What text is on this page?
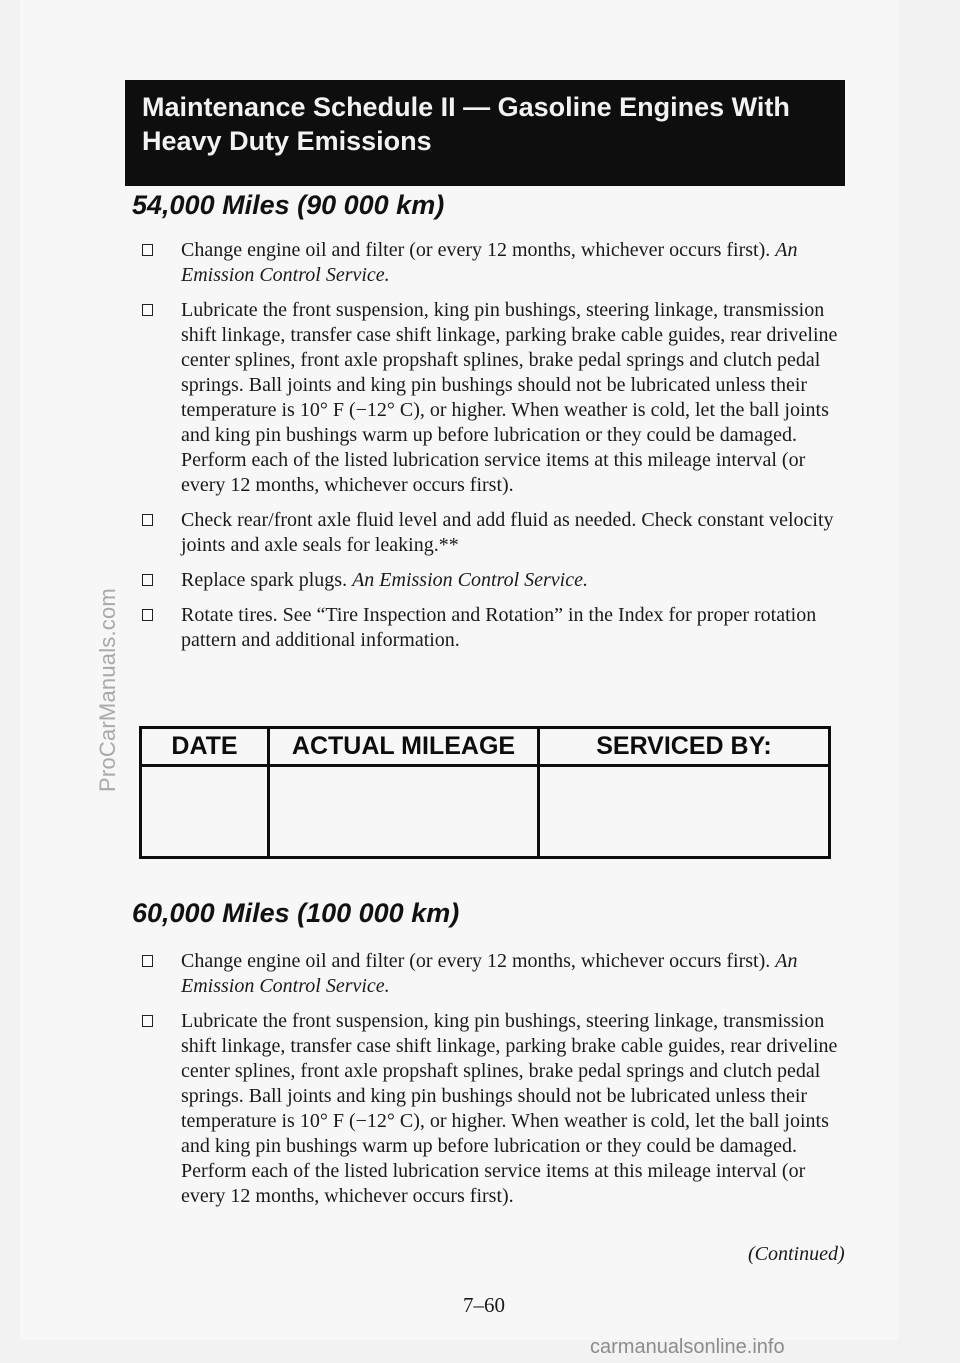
ProCarManuals.com
Maintenance Schedule II — Gasoline Engines With
Heavy Duty Emissions
54,000 Miles (90 000 km)
Change engine oil and filter (or every 12 months, whichever occurs first). An Emission Control Service.
Lubricate the front suspension, king pin bushings, steering linkage, transmission shift linkage, transfer case shift linkage, parking brake cable guides, rear driveline center splines, front axle propshaft splines, brake pedal springs and clutch pedal springs. Ball joints and king pin bushings should not be lubricated unless their temperature is 10° F (−12° C), or higher. When weather is cold, let the ball joints and king pin bushings warm up before lubrication or they could be damaged. Perform each of the listed lubrication service items at this mileage interval (or every 12 months, whichever occurs first).
Check rear/front axle fluid level and add fluid as needed. Check constant velocity joints and axle seals for leaking.**
Replace spark plugs. An Emission Control Service.
Rotate tires. See “Tire Inspection and Rotation” in the Index for proper rotation pattern and additional information.
DATE	ACTUAL MILEAGE	SERVICED BY:

60,000 Miles (100 000 km)
Change engine oil and filter (or every 12 months, whichever occurs first). An Emission Control Service.
Lubricate the front suspension, king pin bushings, steering linkage, transmission shift linkage, transfer case shift linkage, parking brake cable guides, rear driveline center splines, front axle propshaft splines, brake pedal springs and clutch pedal springs. Ball joints and king pin bushings should not be lubricated unless their temperature is 10° F (−12° C), or higher. When weather is cold, let the ball joints and king pin bushings warm up before lubrication or they could be damaged. Perform each of the listed lubrication service items at this mileage interval (or every 12 months, whichever occurs first).
(Continued)
7–60
carmanualsonline.info
